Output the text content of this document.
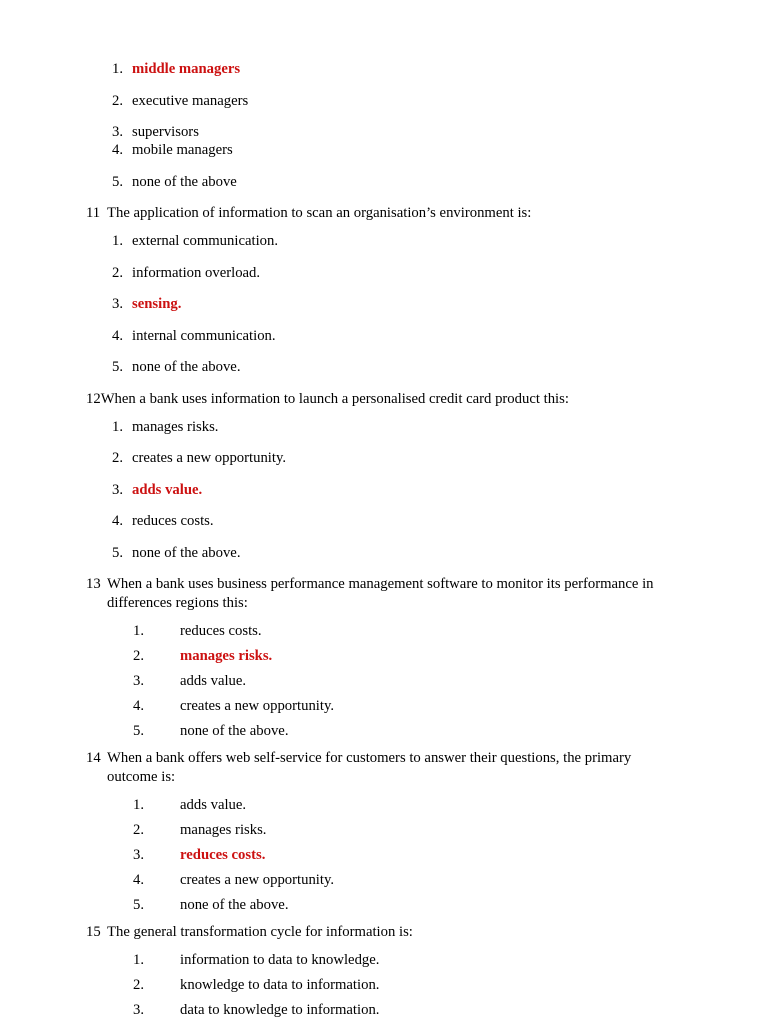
1. middle managers
2. executive managers
3. supervisors
4. mobile managers
5. none of the above
11 The application of information to scan an organisation’s environment is:
1. external communication.
2. information overload.
3. sensing.
4. internal communication.
5. none of the above.
12 When a bank uses information to launch a personalised credit card product this:
1. manages risks.
2. creates a new opportunity.
3. adds value.
4. reduces costs.
5. none of the above.
13 When a bank uses business performance management software to monitor its performance in differences regions this:
1.	reduces costs.
2.	manages risks.
3.	adds value.
4.	creates a new opportunity.
5.	none of the above.
14 When a bank offers web self-service for customers to answer their questions, the primary outcome is:
1.	adds value.
2.	manages risks.
3.	reduces costs.
4.	creates a new opportunity.
5.	none of the above.
15 The general transformation cycle for information is:
1.	information to data to knowledge.
2.	knowledge to data to information.
3.	data to knowledge to information.
